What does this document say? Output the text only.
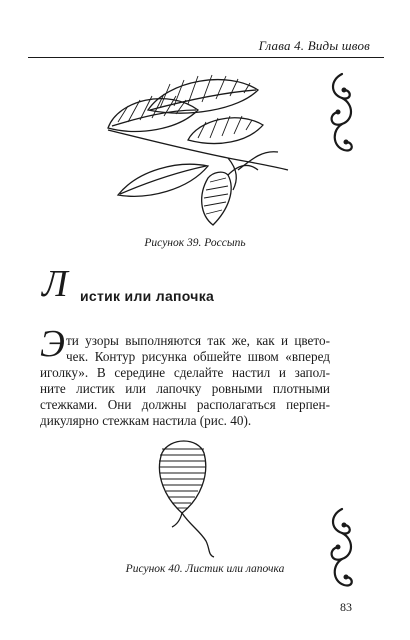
Глава 4. Виды швов
Рисунок 39. Россыпь
Л истик или лапочка
Э ти узоры выполняются так же, как и цвето-
чек. Контур рисунка обшейте швом «вперед
иголку». В середине сделайте настил и запол-
ните листик или лапочку ровными плотными
стежками. Они должны располагаться перпен-
дикулярно стежкам настила (рис. 40).
Рисунок 40. Листик или лапочка
83
